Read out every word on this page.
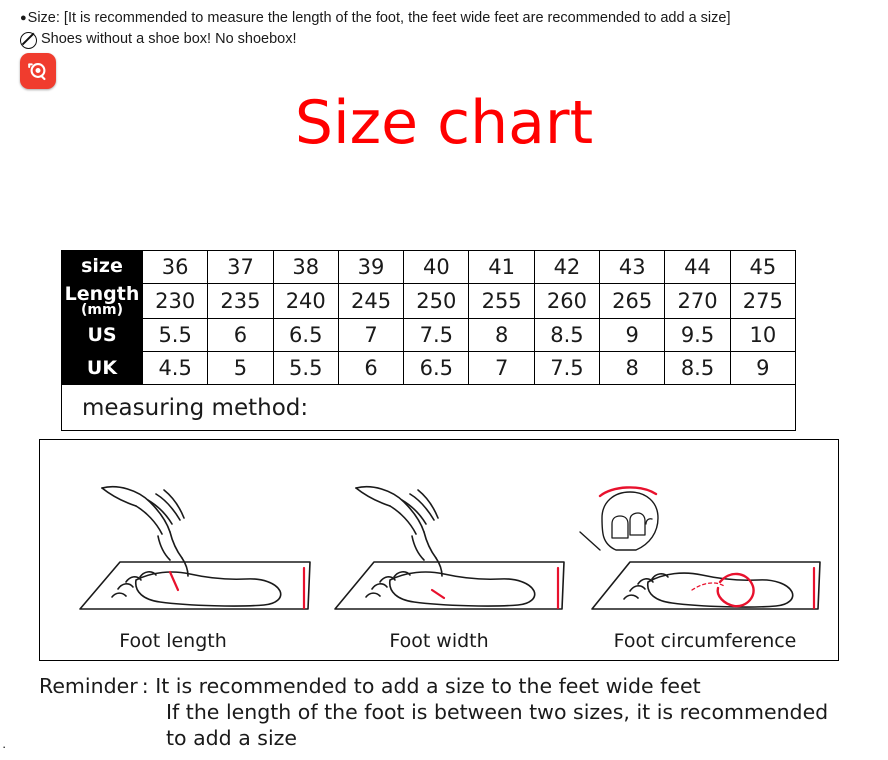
● Size: [It is recommended to measure the length of the foot, the feet wide feet are recommended to add a size]
Shoes without a shoe box! No shoebox!
Size chart
size	36	37	38	39	40	41	42	43	44	45

Length
(mm)	230	235	240	245	250	255	260	265	270	275

US	5.5	6	6.5	7	7.5	8	8.5	9	9.5	10

UK	4.5	5	5.5	6	6.5	7	7.5	8	8.5	9
measuring method:
Foot length	Foot width	Foot circumference
Reminder : It is recommended to add a size to the feet wide feet
If the length of the foot is between two sizes, it is recommended
to add a size
·
